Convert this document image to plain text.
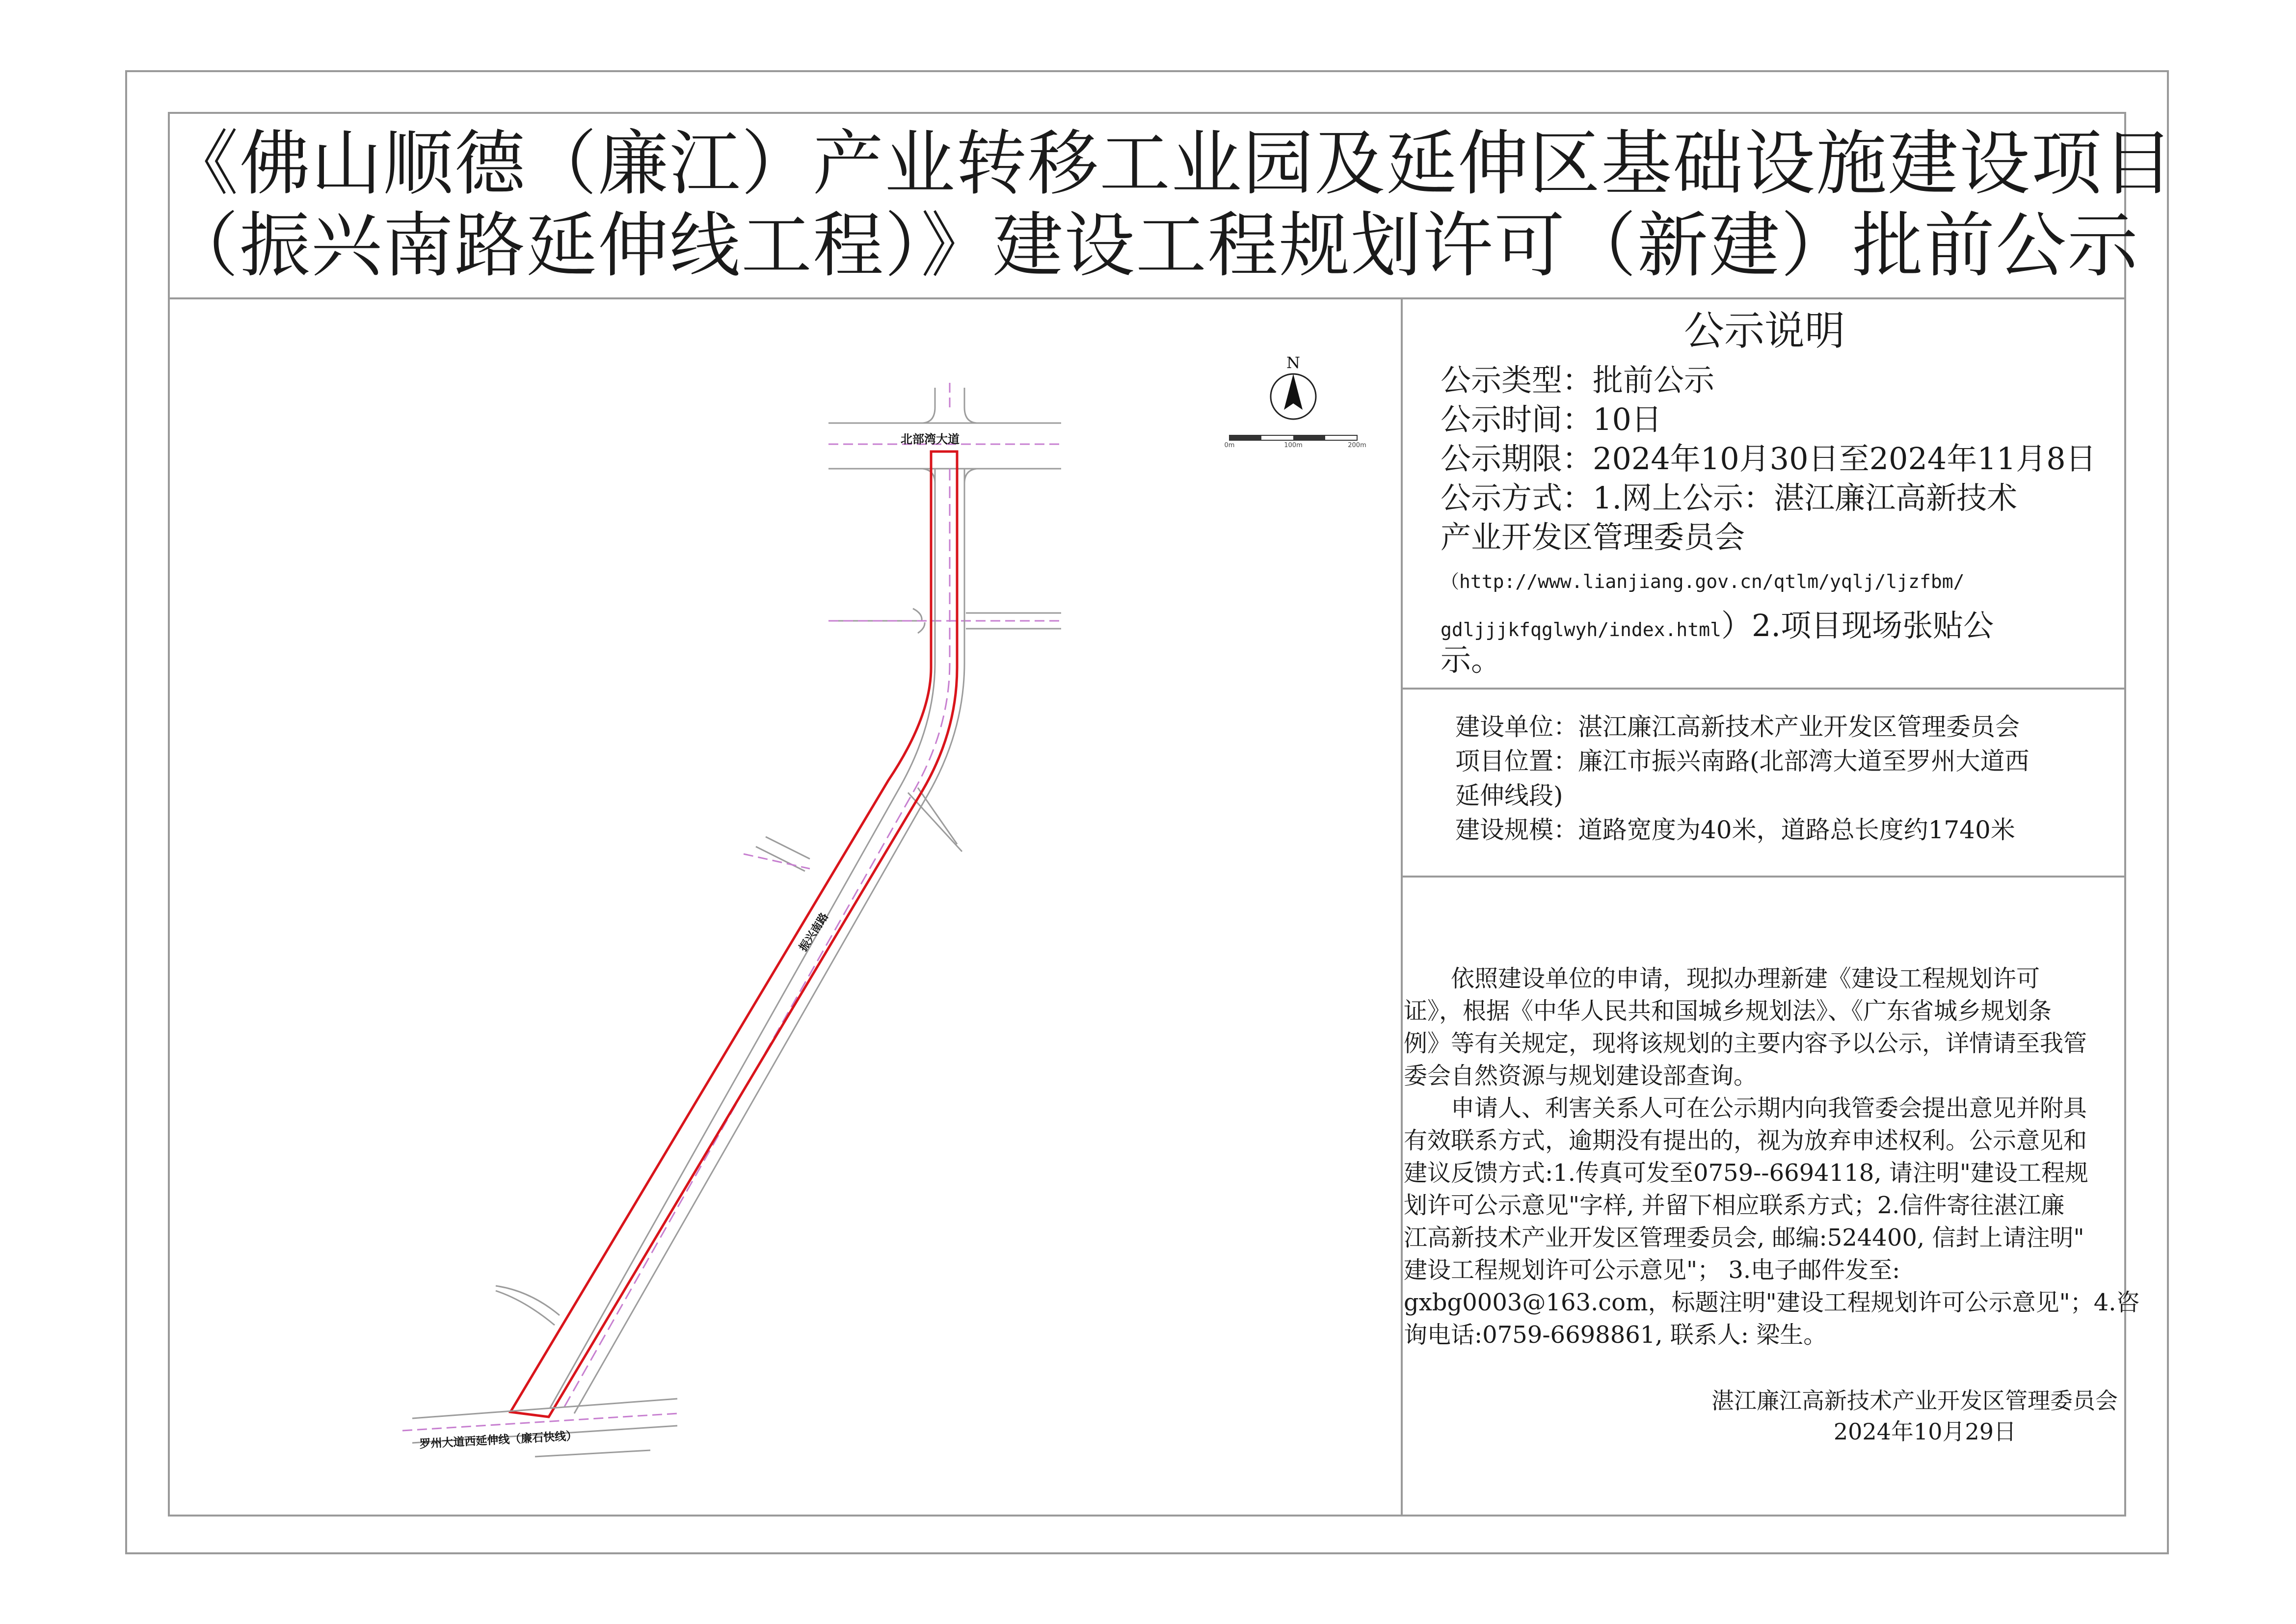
《佛山顺德（廉江）产业转移工业园及延伸区基础设施建设项目
（振兴南路延伸线工程）》建设工程规划许可（新建）批前公示
公示说明
公示类型：批前公示
公示时间：10日
公示期限：2024年10月30日至2024年11月8日
公示方式：1.网上公示：湛江廉江高新技术
产业开发区管理委员会
（http://www.lianjiang.gov.cn/qtlm/yqlj/ljzfbm/
gdljjjkfqglwyh/index.html）2.项目现场张贴公
示。
建设单位：湛江廉江高新技术产业开发区管理委员会
项目位置：廉江市振兴南路(北部湾大道至罗州大道西
延伸线段)
建设规模：道路宽度为40米，道路总长度约1740米
　　依照建设单位的申请，现拟办理新建《建设工程规划许可
证》，根据《中华人民共和国城乡规划法》、《广东省城乡规划条
例》等有关规定，现将该规划的主要内容予以公示，详情请至我管
委会自然资源与规划建设部查询。
　　申请人、利害关系人可在公示期内向我管委会提出意见并附具
有效联系方式，逾期没有提出的，视为放弃申述权利。公示意见和
建议反馈方式:1.传真可发至0759--6694118, 请注明"建设工程规
划许可公示意见"字样, 并留下相应联系方式；2.信件寄往湛江廉
江高新技术产业开发区管理委员会, 邮编:524400, 信封上请注明"
建设工程规划许可公示意见"； 3.电子邮件发至:
gxbg0003@163.com，标题注明"建设工程规划许可公示意见"；4.咨
询电话:0759-6698861, 联系人: 梁生。
湛江廉江高新技术产业开发区管理委员会
2024年10月29日
北部湾大道
振兴南路
罗州大道西延伸线（廉石快线）
N
0m	100m	200m
